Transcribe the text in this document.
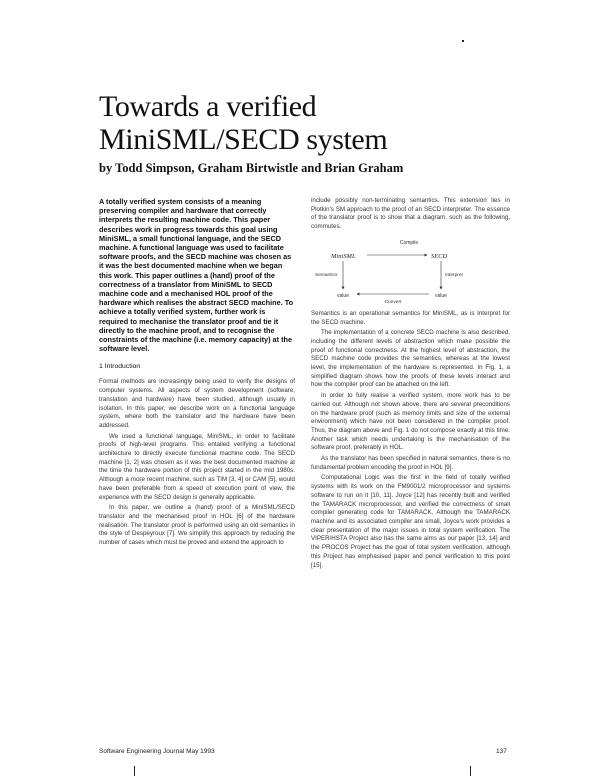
Towards a verified
MiniSML/SECD system

by Todd Simpson, Graham Birtwistle and Brian Graham

A totally verified system consists of a meaning preserving compiler and hardware that correctly interprets the resulting machine code. This paper describes work in progress towards this goal using MiniSML, a small functional language, and the SECD machine. A functional language was used to facilitate software proofs, and the SECD machine was chosen as it was the best documented machine when we began this work. This paper outlines a (hand) proof of the correctness of a translator from MiniSML to SECD machine code and a mechanised HOL proof of the hardware which realises the abstract SECD machine. To achieve a totally verified system, further work is required to mechanise the translator proof and tie it directly to the machine proof, and to recognise the constraints of the machine (i.e. memory capacity) at the software level.

1 Introduction

Formal methods are increasingly being used to verify the designs of computer systems. All aspects of system development (software, translation and hardware) have been studied, although usually in isolation. In this paper, we describe work on a functional language system, where both the translator and the hardware have been addressed.

We used a functional language, MiniSML, in order to facilitate proofs of high-level programs. This entailed verifying a functional architecture to directly execute functional machine code. The SECD machine [1, 2] was chosen as it was the best documented machine at the time the hardware portion of this project started in the mid 1980s. Although a more recent machine, such as TIM [3, 4] or CAM [5], would have been preferable from a speed of execution point of view, the experience with the SECD design is generally applicable.

In this paper, we outline a (hand) proof of a MiniSML/SECD translator and the mechanised proof in HOL [6] of the hardware realisation. The translator proof is performed using an old semantics in the style of Despeyroux [7]. We simplify this approach by reducing the number of cases which must be proved and extend the approach to

include possibly non-terminating semantics. This extension lies in Plotkin's SM approach to the proof of an SECD interpreter. The essence of the translator proof is to show that a diagram, such as the following, commutes.

Compile
MiniSML	SECD
Semantics	Interpret
value	value
Convert

Semantics is an operational semantics for MiniSML, as is Interpret for the SECD machine.

The implementation of a concrete SECD machine is also described, including the different levels of abstraction which make possible the proof of functional correctness. At the highest level of abstraction, the SECD machine code provides the semantics, whereas at the lowest level, the implementation of the hardware is represented. In Fig. 1, a simplified diagram shows how the proofs of these levels interact and how the compiler proof can be attached on the left.

In order to fully realise a verified system, more work has to be carried out. Although not shown above, there are several preconditions on the hardware proof (such as memory limits and size of the external environment) which have not been considered in the compiler proof. Thus, the diagram above and Fig. 1 do not compose exactly at this time. Another task which needs undertaking is the mechanisation of the software proof, preferably in HOL.

As the translator has been specified in natural semantics, there is no fundamental problem encoding the proof in HOL [9].

Computational Logic was the first in the field of totally verified systems with its work on the FM9001/2 microprocessor and systems software to run on it [10, 11]. Joyce [12] has recently built and verified the TAMARACK microprocessor, and verified the correctness of small compiler generating code for TAMARACK. Although the TAMARACK machine and its associated compiler are small, Joyce's work provides a clear presentation of the major issues in total system verification. The VIPER/HSTA Project also has the same aims as our paper [13, 14] and the PROCOS Project has the goal of total system verification, although this Project has emphasised paper and pencil verification to this point [15].

Software Engineering Journal May 1993	137
